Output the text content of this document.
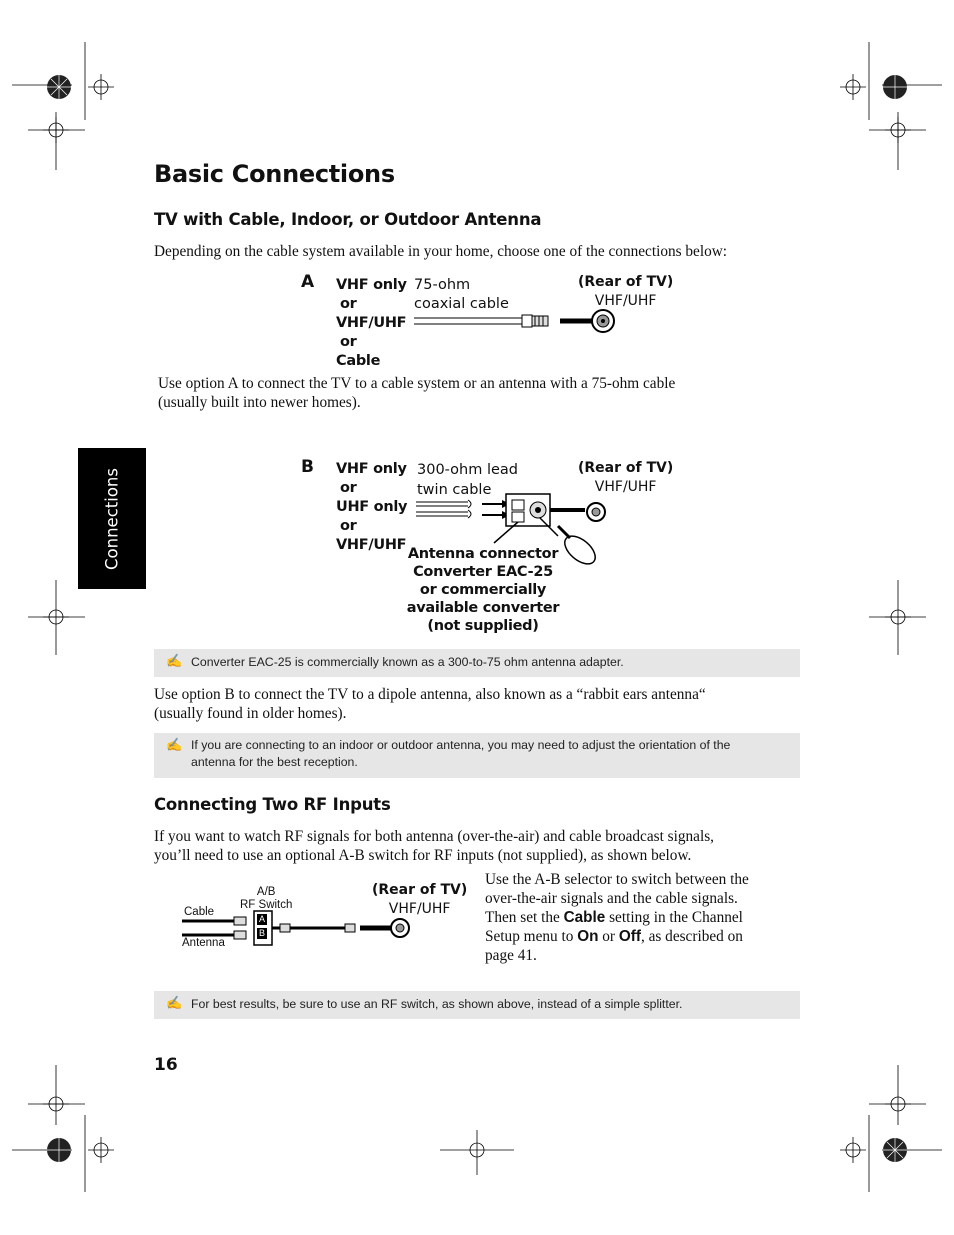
Connections
Basic Connections
TV with Cable, Indoor, or Outdoor Antenna
Depending on the cable system available in your home, choose one of the connections below:
A VHF only
or
VHF/UHF
or
Cable
75-ohm
coaxial cable
(Rear of TV)
VHF/UHF
Use option A to connect the TV to a cable system or an antenna with a 75-ohm cable
(usually built into newer homes).
B VHF only
or
UHF only
or
VHF/UHF
300-ohm lead
twin cable
(Rear of TV)
VHF/UHF
Antenna connector
Converter EAC-25
or commercially
available converter
(not supplied)
✍ Converter EAC-25 is commercially known as a 300-to-75 ohm antenna adapter.
Use option B to connect the TV to a dipole antenna, also known as a “rabbit ears antenna“
(usually found in older homes).
✍ If you are connecting to an indoor or outdoor antenna, you may need to adjust the orientation of the
antenna for the best reception.
Connecting Two RF Inputs
If you want to watch RF signals for both antenna (over-the-air) and cable broadcast signals,
you’ll need to use an optional A-B switch for RF inputs (not supplied), as shown below.
A/B
RF Switch
Cable
Antenna
A
B
(Rear of TV)
VHF/UHF
Use the A-B selector to switch between the
over-the-air signals and the cable signals.
Then set the Cable setting in the Channel
Setup menu to On or Off, as described on
page 41.
✍ For best results, be sure to use an RF switch, as shown above, instead of a simple splitter.
16
